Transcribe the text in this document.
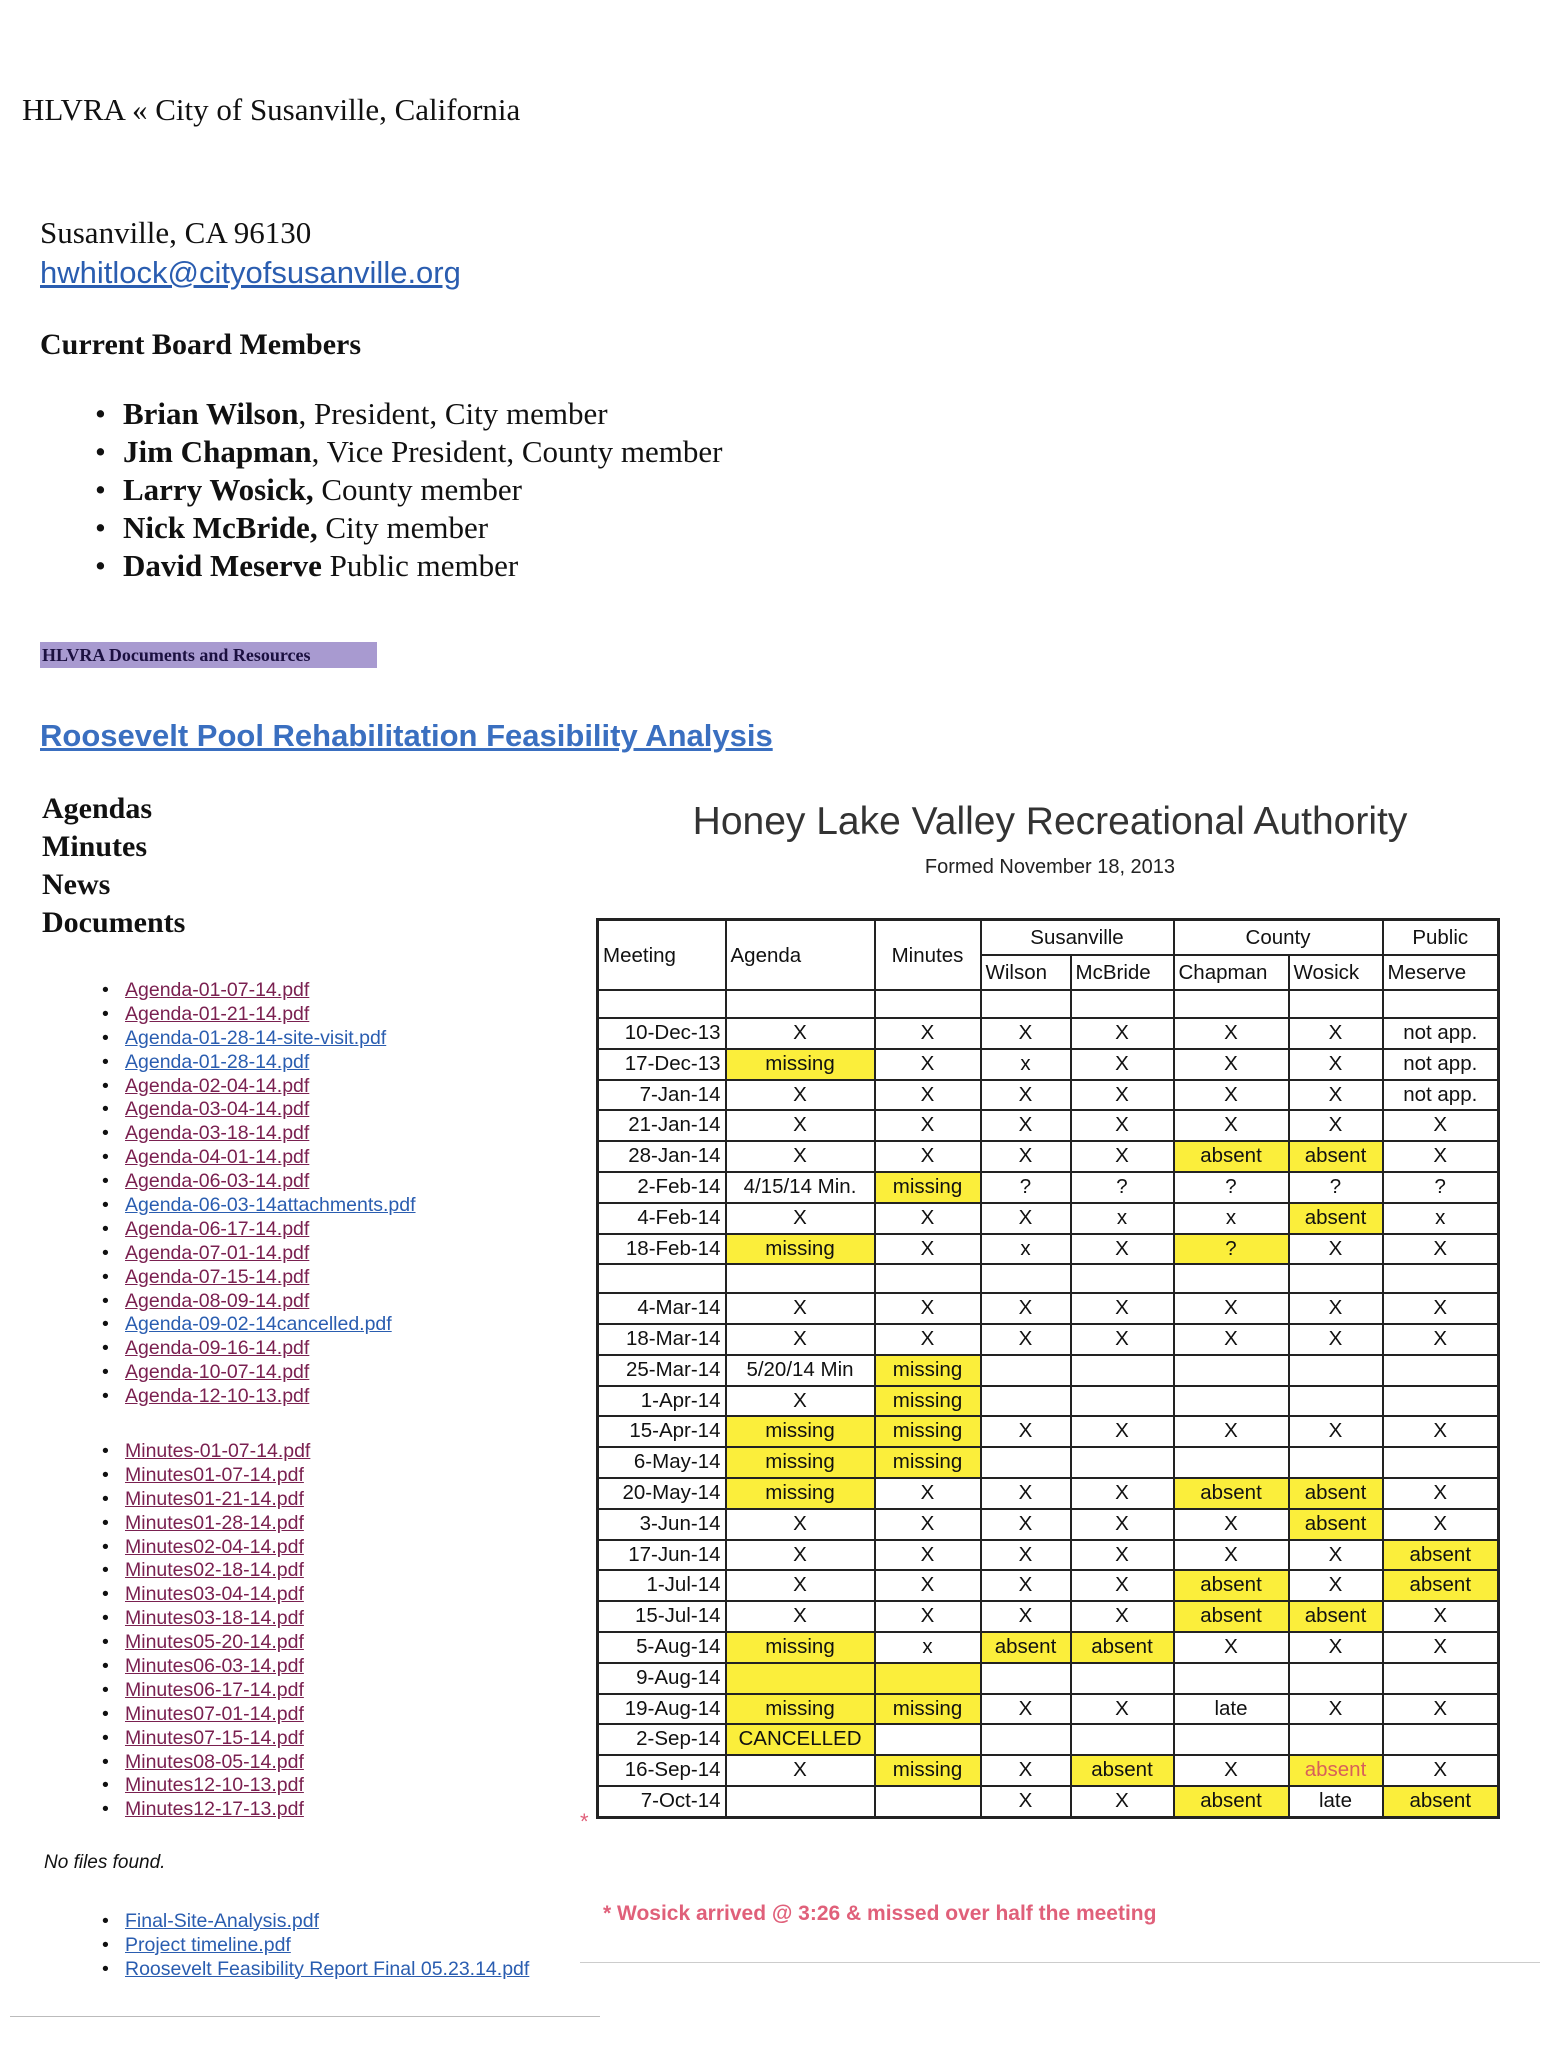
HLVRA « City of Susanville, California
Susanville, CA 96130
hwhitlock@cityofsusanville.org
Current Board Members
• Brian Wilson, President, City member
• Jim Chapman, Vice President, County member
• Larry Wosick, County member
• Nick McBride, City member
• David Meserve Public member
HLVRA Documents and Resources
Roosevelt Pool Rehabilitation Feasibility Analysis
Agendas
Minutes
News
Documents
• Agenda-01-07-14.pdf
• Agenda-01-21-14.pdf
• Agenda-01-28-14-site-visit.pdf
• Agenda-01-28-14.pdf
• Agenda-02-04-14.pdf
• Agenda-03-04-14.pdf
• Agenda-03-18-14.pdf
• Agenda-04-01-14.pdf
• Agenda-06-03-14.pdf
• Agenda-06-03-14attachments.pdf
• Agenda-06-17-14.pdf
• Agenda-07-01-14.pdf
• Agenda-07-15-14.pdf
• Agenda-08-09-14.pdf
• Agenda-09-02-14cancelled.pdf
• Agenda-09-16-14.pdf
• Agenda-10-07-14.pdf
• Agenda-12-10-13.pdf
• Minutes-01-07-14.pdf
• Minutes01-07-14.pdf
• Minutes01-21-14.pdf
• Minutes01-28-14.pdf
• Minutes02-04-14.pdf
• Minutes02-18-14.pdf
• Minutes03-04-14.pdf
• Minutes03-18-14.pdf
• Minutes05-20-14.pdf
• Minutes06-03-14.pdf
• Minutes06-17-14.pdf
• Minutes07-01-14.pdf
• Minutes07-15-14.pdf
• Minutes08-05-14.pdf
• Minutes12-10-13.pdf
• Minutes12-17-13.pdf
No files found.
• Final-Site-Analysis.pdf
• Project timeline.pdf
• Roosevelt Feasibility Report Final 05.23.14.pdf
Honey Lake Valley Recreational Authority
Formed November 18, 2013
Meeting	Agenda	Minutes	Susanville		County		Public
			Wilson	McBride	Chapman	Wosick	Meserve

10-Dec-13	X	X	X	X	X	X	not app.
17-Dec-13	missing	X	x	X	X	X	not app.
7-Jan-14	X	X	X	X	X	X	not app.
21-Jan-14	X	X	X	X	X	X	X
28-Jan-14	X	X	X	X	absent	absent	X
2-Feb-14	4/15/14 Min.	missing	?	?	?	?	?
4-Feb-14	X	X	X	x	x	absent	x
18-Feb-14	missing	X	x	X	?	X	X

4-Mar-14	X	X	X	X	X	X	X
18-Mar-14	X	X	X	X	X	X	X
25-Mar-14	5/20/14 Min	missing					
1-Apr-14	X	missing					
15-Apr-14	missing	missing	X	X	X	X	X
6-May-14	missing	missing					
20-May-14	missing	X	X	X	absent	absent	X
3-Jun-14	X	X	X	X	X	absent	X
17-Jun-14	X	X	X	X	X	X	absent
1-Jul-14	X	X	X	X	absent	X	absent
15-Jul-14	X	X	X	X	absent	absent	X
5-Aug-14	missing	x	absent	absent	X	X	X
9-Aug-14							
19-Aug-14	missing	missing	X	X	late	X	X
2-Sep-14	CANCELLED						
16-Sep-14	X	missing	X	absent	X	absent	X
7-Oct-14			X	X	absent	late	absent
*
* Wosick arrived @ 3:26 & missed over half the meeting
